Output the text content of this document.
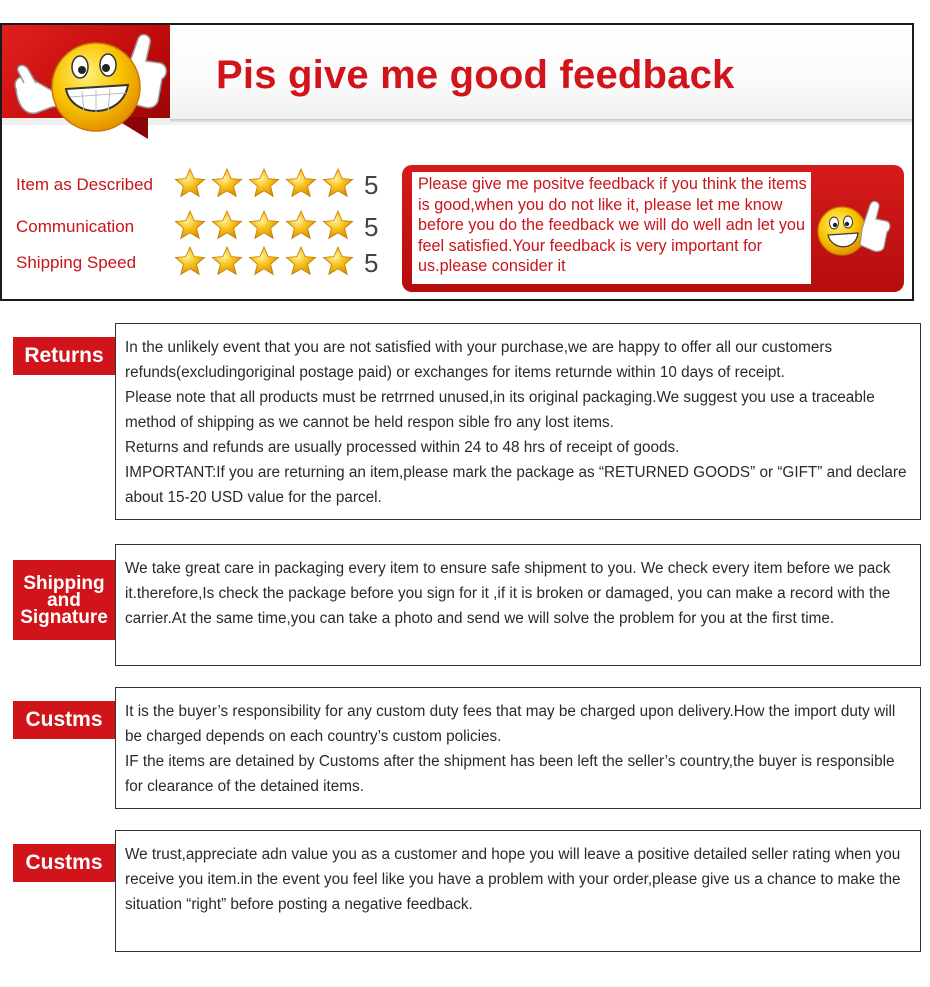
Pis give me good feedback
Item as Described	5
Communication	5
Shipping Speed	5
Please give me positve feedback if you think the items is good,when you do not like it, please let me know before you do the feedback we will do well adn let you feel satisfied.Your feedback is very important for us.please consider it
Returns In the unlikely event that you are not satisfied with your purchase,we are happy to offer all our customers refunds(excludingoriginal postage paid) or exchanges for items returnde within 10 days of receipt.

Please note that all products must be retrrned unused,in its original packaging.We suggest you use a traceable method of shipping as we cannot be held respon sible fro any lost items.

Returns and refunds are usually processed within 24 to 48 hrs of receipt of goods.

IMPORTANT:If you are returning an item,please mark the package as “RETURNED GOODS” or “GIFT” and declare about 15-20 USD value for the parcel.

Shipping
and
Signature

We take great care in packaging every item to ensure safe shipment to you. We check every item before we pack it.therefore,Is check the package before you sign for it ,if it is broken or damaged, you can make a record with the carrier.At the same time,you can take a photo and send we will solve the problem for you at the first time.

Custms It is the buyer’s responsibility for any custom duty fees that may be charged upon delivery.How the import duty will be charged depends on each country’s custom policies.

IF the items are detained by Customs after the shipment has been left the seller’s country,the buyer is responsible for clearance of the detained items.

Custms We trust,appreciate adn value you as a customer and hope you will leave a positive detailed seller rating when you receive you item.in the event you feel like you have a problem with your order,please give us a chance to make the situation “right” before posting a negative feedback.
